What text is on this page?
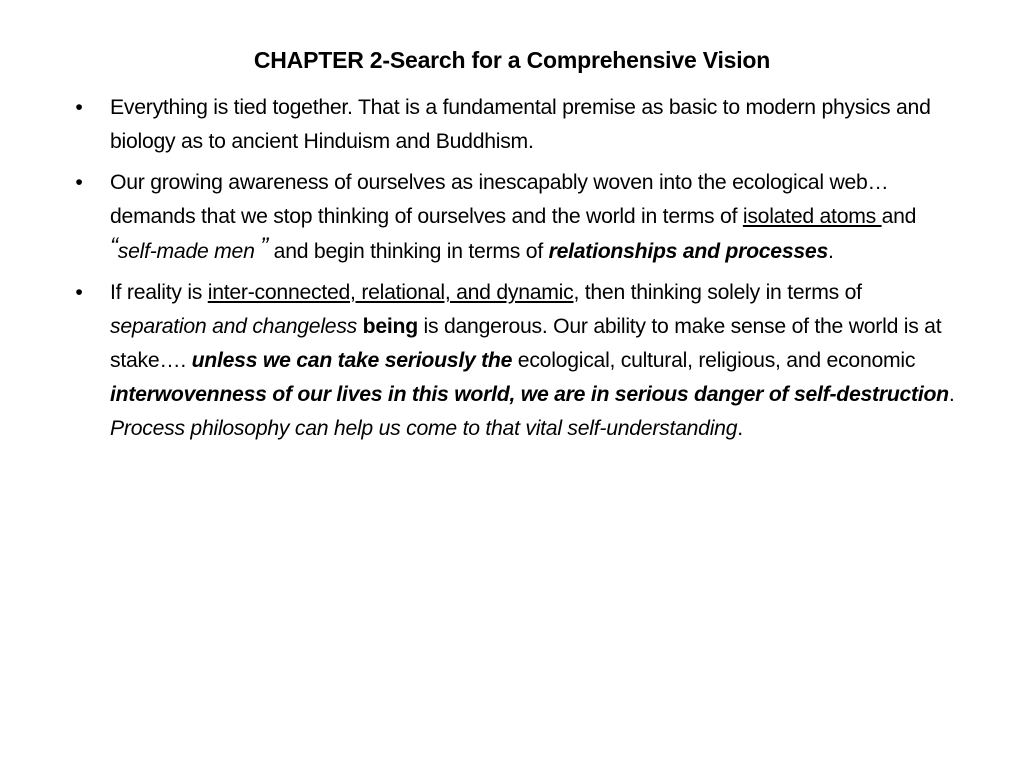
CHAPTER 2-Search for a Comprehensive Vision
• Everything is tied together. That is a fundamental premise as basic to modern physics and biology as to ancient Hinduism and Buddhism.
• Our growing awareness of ourselves as inescapably woven into the ecological web…demands that we stop thinking of ourselves and the world in terms of isolated atoms and “self-made men ” and begin thinking in terms of relationships and processes.
• If reality is inter-connected, relational, and dynamic, then thinking solely in terms of separation and changeless being is dangerous. Our ability to make sense of the world is at stake…. unless we can take seriously the ecological, cultural, religious, and economic interwovenness of our lives in this world, we are in serious danger of self-destruction. Process philosophy can help us come to that vital self-understanding.
